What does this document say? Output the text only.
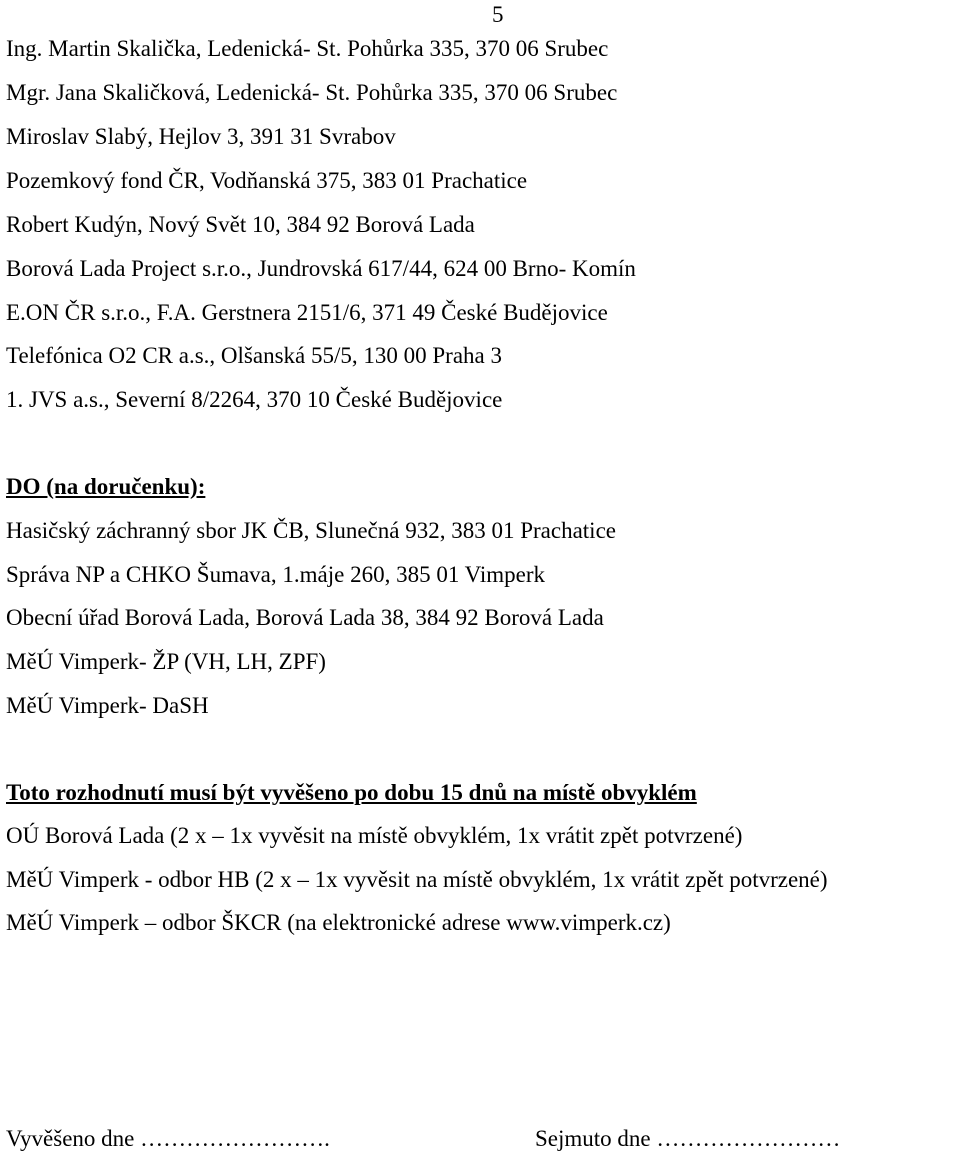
5

Ing. Martin Skalička, Ledenická- St. Pohůrka 335, 370 06 Srubec

Mgr. Jana Skaličková, Ledenická- St. Pohůrka 335, 370 06 Srubec

Miroslav Slabý, Hejlov 3, 391 31 Svrabov

Pozemkový fond ČR, Vodňanská 375, 383 01 Prachatice

Robert Kudýn, Nový Svět 10, 384 92 Borová Lada

Borová Lada Project s.r.o., Jundrovská 617/44, 624 00 Brno- Komín

E.ON ČR s.r.o., F.A. Gerstnera 2151/6, 371 49 České Budějovice

Telefónica O2 CR a.s., Olšanská 55/5, 130 00 Praha 3

1. JVS a.s., Severní 8/2264, 370 10 České Budějovice

DO (na doručenku):

Hasičský záchranný sbor JK ČB, Slunečná 932, 383 01 Prachatice

Správa NP a CHKO Šumava, 1.máje 260, 385 01 Vimperk

Obecní úřad Borová Lada, Borová Lada 38, 384 92 Borová Lada

MěÚ Vimperk- ŽP (VH, LH, ZPF)

MěÚ Vimperk- DaSH

Toto rozhodnutí musí být vyvěšeno po dobu 15 dnů na místě obvyklém

OÚ Borová Lada (2 x – 1x vyvěsit na místě obvyklém, 1x vrátit zpět potvrzené)

MěÚ Vimperk - odbor HB (2 x – 1x vyvěsit na místě obvyklém, 1x vrátit zpět potvrzené)

MěÚ Vimperk – odbor ŠKCR (na elektronické adrese www.vimperk.cz)

Vyvěšeno dne …………………….	Sejmuto dne ……………………
